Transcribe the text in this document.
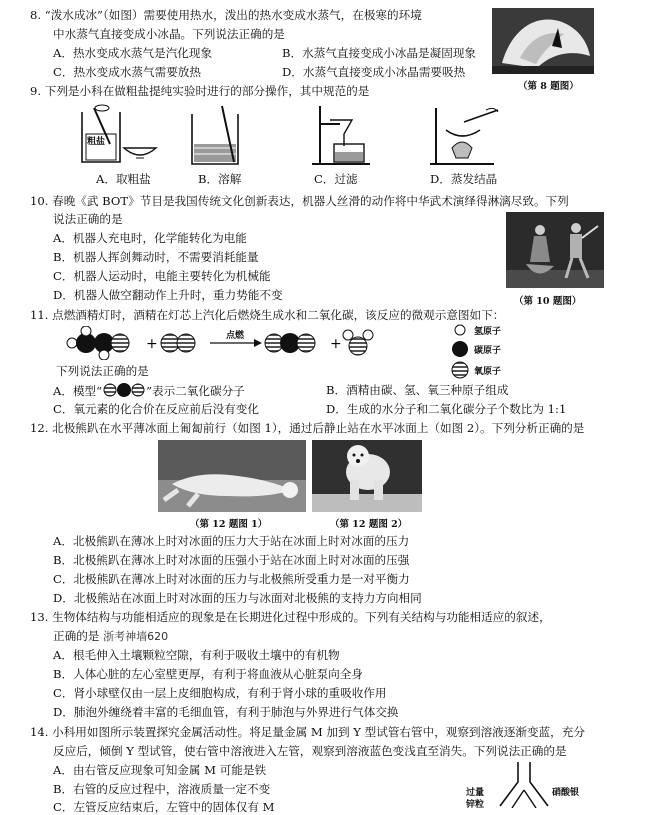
8. “泼水成冰”（如图）需要使用热水，泼出的热水变成水蒸气，在极寒的环境
中水蒸气直接变成小冰晶。下列说法正确的是
A．热水变成水蒸气是汽化现象	B．水蒸气直接变成小冰晶是凝固现象
C．热水变成水蒸气需要放热	D．水蒸气直接变成小冰晶需要吸热
（第 8 题图）
9. 下列是小科在做粗盐提纯实验时进行的部分操作，其中规范的是
粗盐
A．取粗盐	B．溶解	C．过滤	D．蒸发结晶
10. 春晚《武 BOT》节目是我国传统文化创新表达，机器人丝滑的动作将中华武术演绎得淋漓尽致。下列
说法正确的是
A．机器人充电时，化学能转化为电能
B．机器人挥剑舞动时，不需要消耗能量
C．机器人运动时，电能主要转化为机械能
D．机器人做空翻动作上升时，重力势能不变	（第 10 题图）
11. 点燃酒精灯时，酒精在灯芯上汽化后燃烧生成水和二氧化碳，该反应的微观示意图如下：
+	+
点燃	氢原子
碳原子
氧原子
下列说法正确的是
A．模型“	”表示二氧化碳分子	B．酒精由碳、氢、氧三种原子组成
C．氧元素的化合价在反应前后没有变化	D．生成的水分子和二氧化碳分子个数比为 1:1
12. 北极熊趴在水平薄冰面上匍匐前行（如图 1），通过后静止站在水平冰面上（如图 2）。下列分析正确的是
（第 12 题图 1）	（第 12 题图 2）
A．北极熊趴在薄冰上时对冰面的压力大于站在冰面上时对冰面的压力
B．北极熊趴在薄冰上时对冰面的压强小于站在冰面上时对冰面的压强
C．北极熊趴在薄冰上时对冰面的压力与北极熊所受重力是一对平衡力
D．北极熊站在冰面上时对冰面的压力与冰面对北极熊的支持力方向相同
13. 生物体结构与功能相适应的现象是在长期进化过程中形成的。下列有关结构与功能相适应的叙述，
正确的是 浙考神墙620
A．根毛伸入土壤颗粒空隙，有利于吸收土壤中的有机物
B．人体心脏的左心室壁更厚，有利于将血液从心脏泵向全身
C．肾小球壁仅由一层上皮细胞构成，有利于肾小球的重吸收作用
D．肺泡外缠绕着丰富的毛细血管，有利于肺泡与外界进行气体交换
14. 小科用如图所示装置探究金属活动性。将足量金属 M 加到 Y 型试管右管中，观察到溶液逐渐变蓝，充分
反应后，倾倒 Y 型试管，使右管中溶液进入左管，观察到溶液蓝色变浅直至消失。下列说法正确的是
A．由右管反应现象可知金属 M 可能是铁
B．右管的反应过程中，溶液质量一定不变
C．左管反应结束后，左管中的固体仅有 M
过量
锌粒
硝酸银
